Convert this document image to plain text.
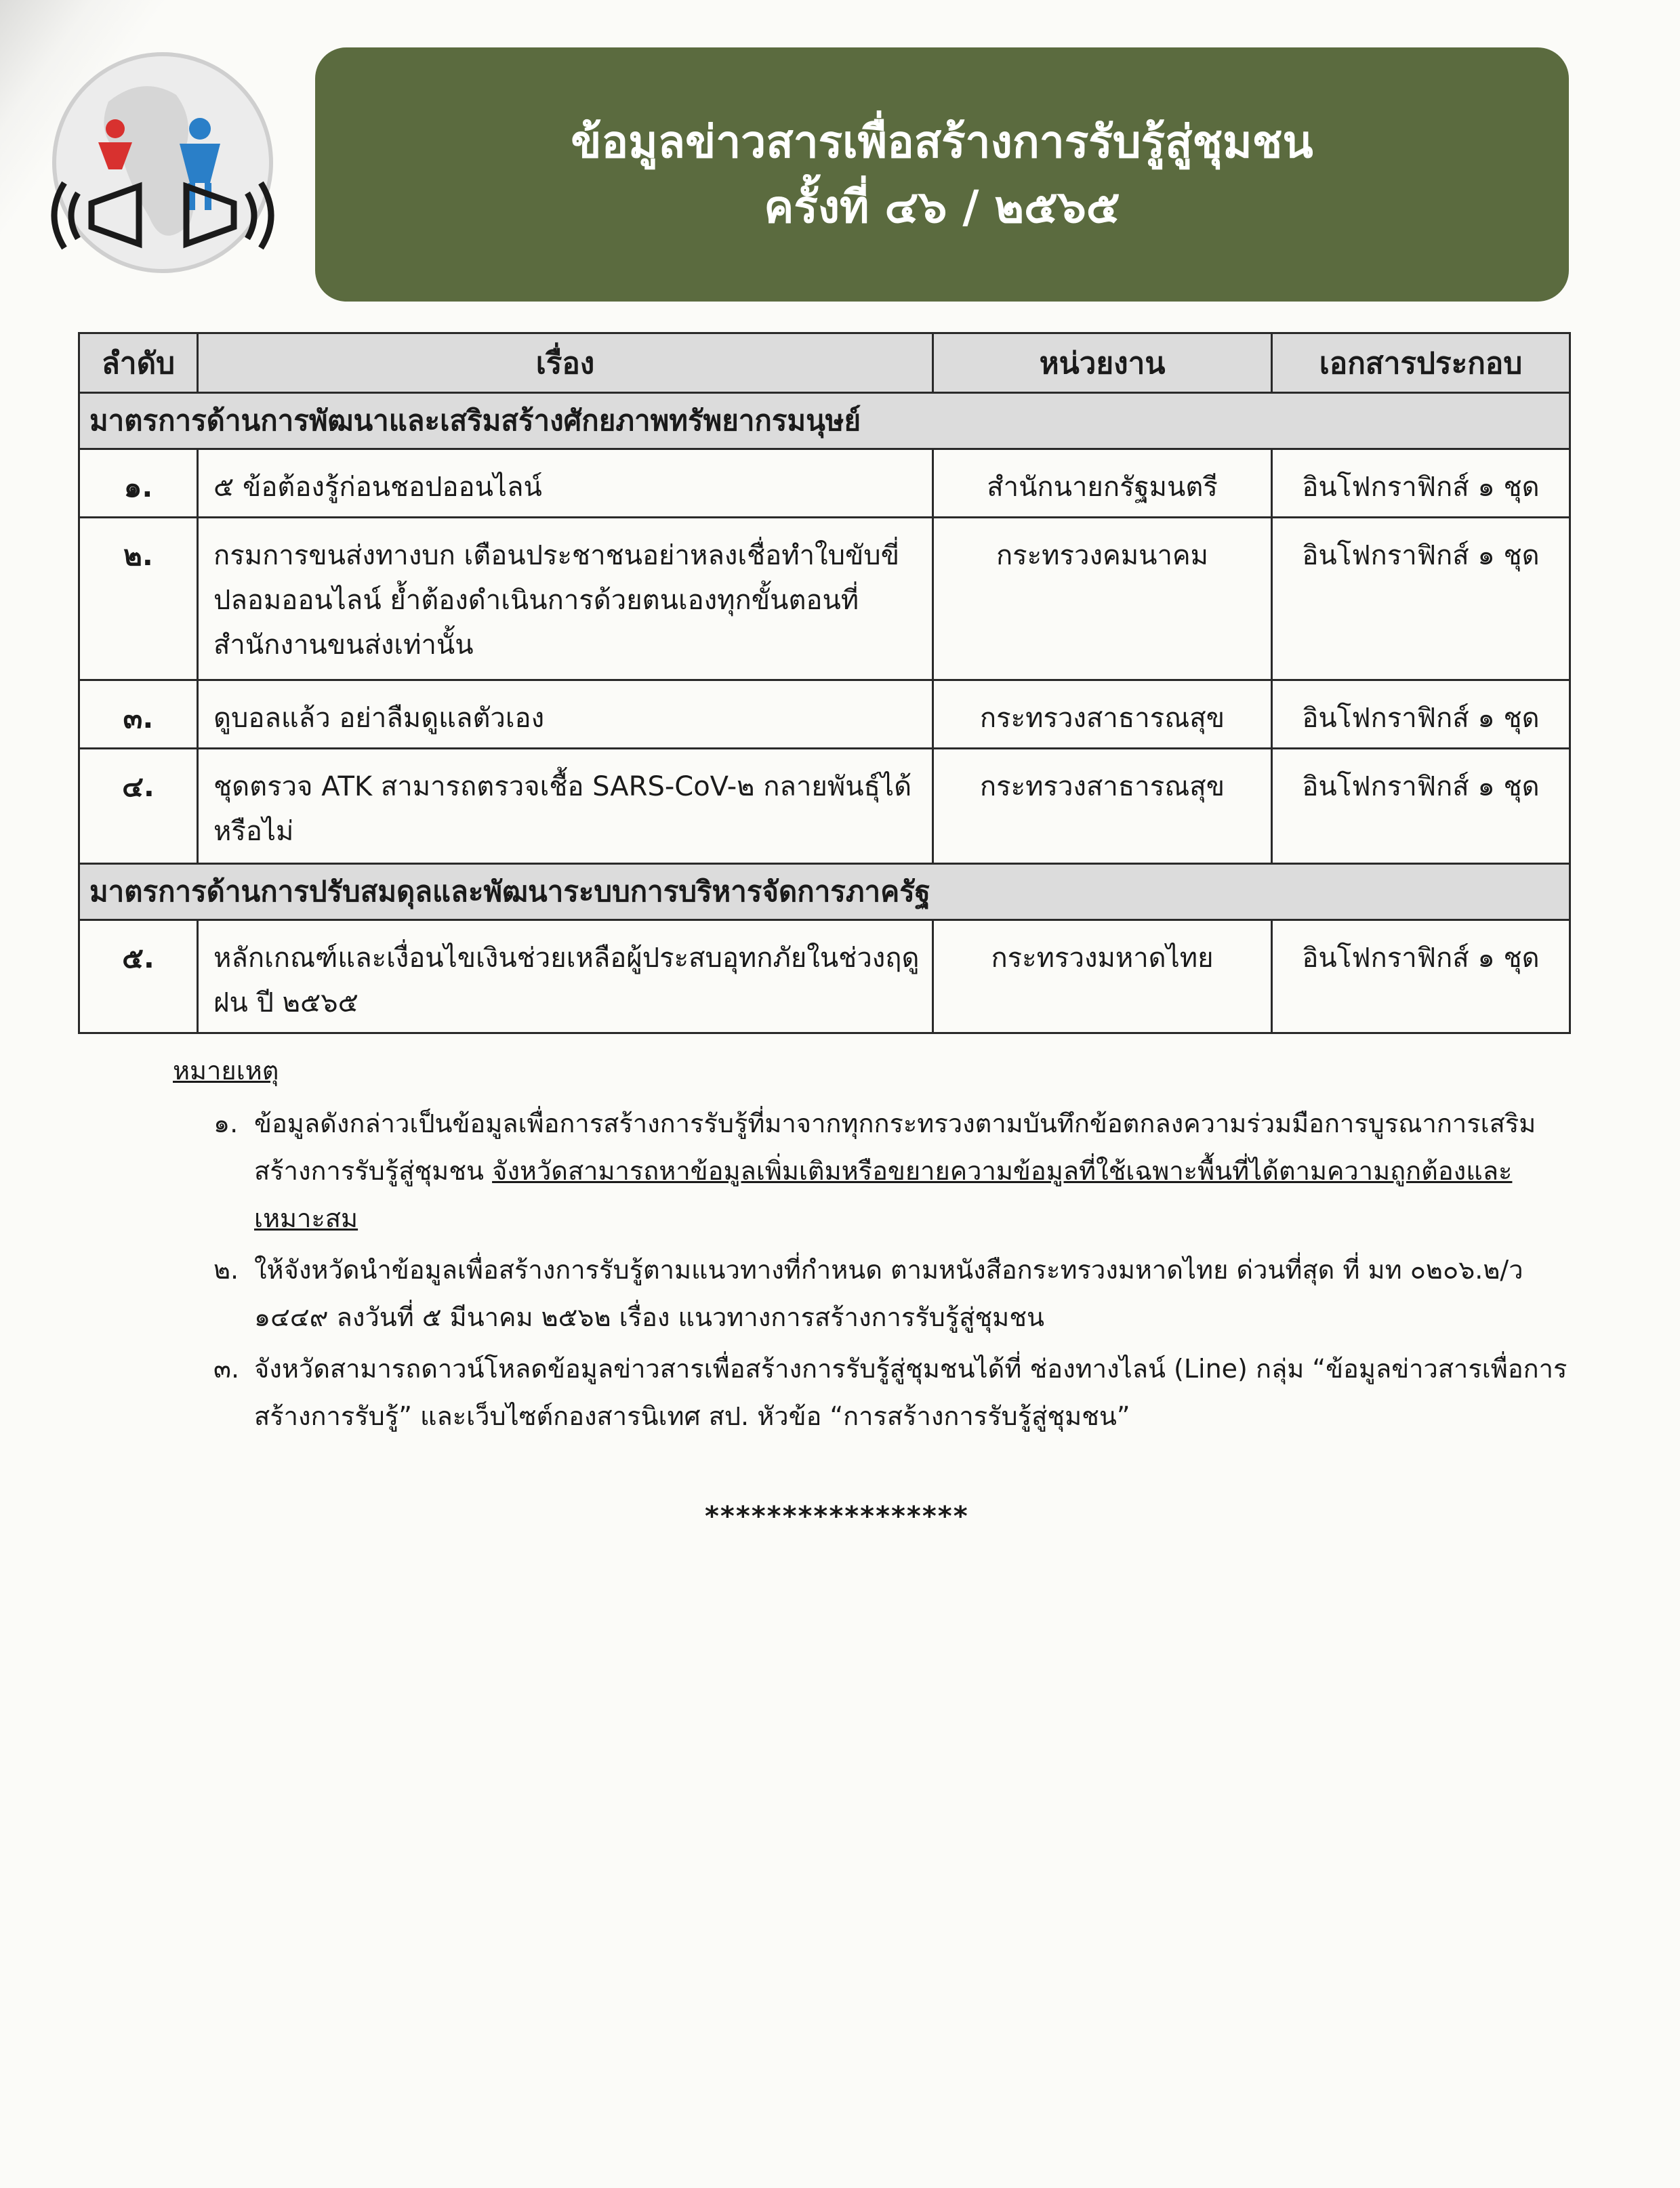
ข้อมูลข่าวสารเพื่อสร้างการรับรู้สู่ชุมชน
ครั้งที่ ๔๖ / ๒๕๖๕
ลำดับ	เรื่อง	หน่วยงาน	เอกสารประกอบ
มาตรการด้านการพัฒนาและเสริมสร้างศักยภาพทรัพยากรมนุษย์			
๑.	๕ ข้อต้องรู้ก่อนชอปออนไลน์	สำนักนายกรัฐมนตรี	อินโฟกราฟิกส์ ๑ ชุด
๒.	กรมการขนส่งทางบก เตือนประชาชนอย่าหลงเชื่อทำใบขับขี่ปลอมออนไลน์ ย้ำต้องดำเนินการด้วยตนเองทุกขั้นตอนที่สำนักงานขนส่งเท่านั้น	กระทรวงคมนาคม	อินโฟกราฟิกส์ ๑ ชุด
๓.	ดูบอลแล้ว อย่าลืมดูแลตัวเอง	กระทรวงสาธารณสุข	อินโฟกราฟิกส์ ๑ ชุด
๔.	ชุดตรวจ ATK สามารถตรวจเชื้อ SARS-CoV-๒ กลายพันธุ์ได้หรือไม่	กระทรวงสาธารณสุข	อินโฟกราฟิกส์ ๑ ชุด
มาตรการด้านการปรับสมดุลและพัฒนาระบบการบริหารจัดการภาครัฐ			
๕.	หลักเกณฑ์และเงื่อนไขเงินช่วยเหลือผู้ประสบอุทกภัยในช่วงฤดูฝน ปี ๒๕๖๕	กระทรวงมหาดไทย	อินโฟกราฟิกส์ ๑ ชุด
หมายเหตุ
๑. ข้อมูลดังกล่าวเป็นข้อมูลเพื่อการสร้างการรับรู้ที่มาจากทุกกระทรวงตามบันทึกข้อตกลงความร่วมมือการบูรณาการเสริมสร้างการรับรู้สู่ชุมชน จังหวัดสามารถหาข้อมูลเพิ่มเติมหรือขยายความข้อมูลที่ใช้เฉพาะพื้นที่ได้ตามความถูกต้องและเหมาะสม
๒. ให้จังหวัดนำข้อมูลเพื่อสร้างการรับรู้ตามแนวทางที่กำหนด ตามหนังสือกระทรวงมหาดไทย ด่วนที่สุด ที่ มท ๐๒๐๖.๒/ว ๑๔๔๙ ลงวันที่ ๕ มีนาคม ๒๕๖๒ เรื่อง แนวทางการสร้างการรับรู้สู่ชุมชน
๓. จังหวัดสามารถดาวน์โหลดข้อมูลข่าวสารเพื่อสร้างการรับรู้สู่ชุมชนได้ที่ ช่องทางไลน์ (Line) กลุ่ม “ข้อมูลข่าวสารเพื่อการสร้างการรับรู้” และเว็บไซต์กองสารนิเทศ สป. หัวข้อ “การสร้างการรับรู้สู่ชุมชน”
*****************
